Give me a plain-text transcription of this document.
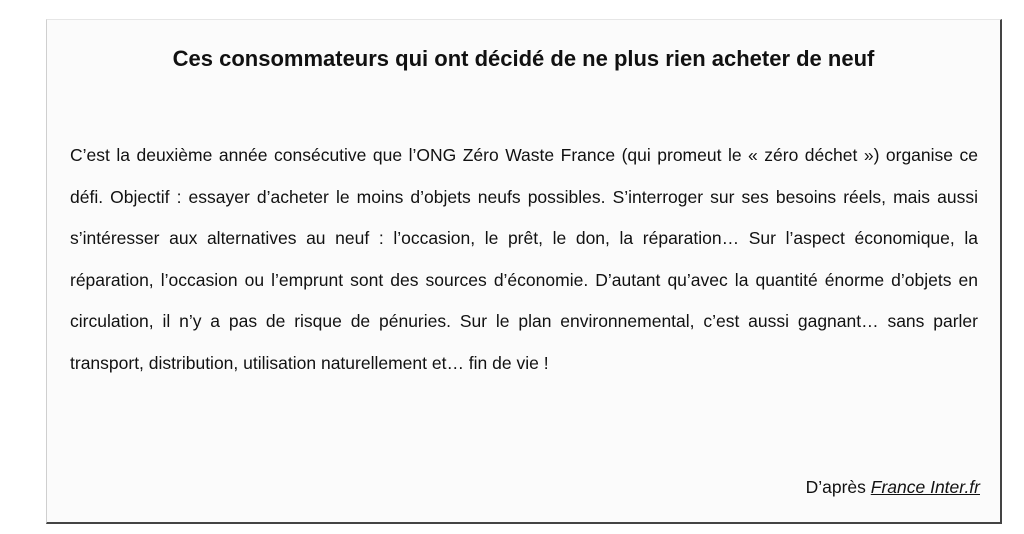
Ces consommateurs qui ont décidé de ne plus rien acheter de neuf

C’est la deuxième année consécutive que l’ONG Zéro Waste France (qui promeut le « zéro déchet ») organise ce défi. Objectif : essayer d’acheter le moins d’objets neufs possibles. S’interroger sur ses besoins réels, mais aussi s’intéresser aux alternatives au neuf : l’occasion, le prêt, le don, la réparation… Sur l’aspect économique, la réparation, l’occasion ou l’emprunt sont des sources d’économie. D’autant qu’avec la quantité énorme d’objets en circulation, il n’y a pas de risque de pénuries. Sur le plan environnemental, c’est aussi gagnant… sans parler transport, distribution, utilisation naturellement et… fin de vie !

D’après France Inter.fr
